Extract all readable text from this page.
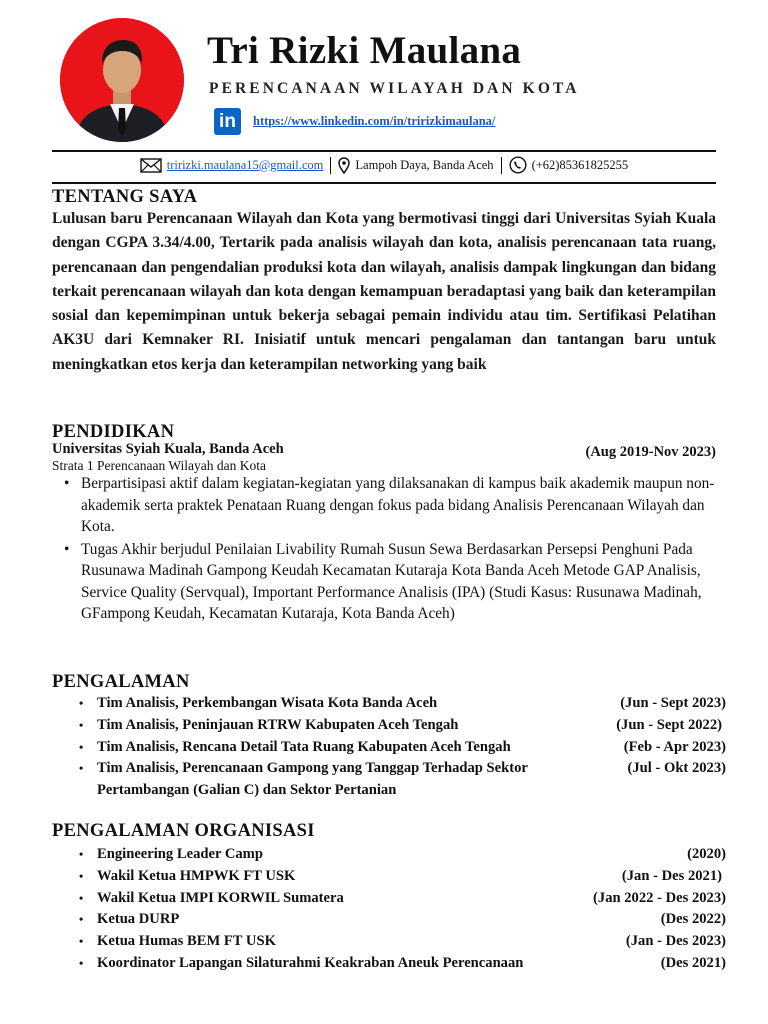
Tri Rizki Maulana
PERENCANAAN WILAYAH DAN KOTA
in	https://www.linkedin.com/in/tririzkimaulana/
tririzki.maulana15@gmail.com	Lampoh Daya, Banda Aceh	(+62)85361825255
TENTANG SAYA
Lulusan baru Perencanaan Wilayah dan Kota yang bermotivasi tinggi dari Universitas Syiah Kuala dengan CGPA 3.34/4.00, Tertarik pada analisis wilayah dan kota, analisis perencanaan tata ruang, perencanaan dan pengendalian produksi kota dan wilayah, analisis dampak lingkungan dan bidang terkait perencanaan wilayah dan kota dengan kemampuan beradaptasi yang baik dan keterampilan sosial dan kepemimpinan untuk bekerja sebagai pemain individu atau tim. Sertifikasi Pelatihan AK3U dari Kemnaker RI. Inisiatif untuk mencari pengalaman dan tantangan baru untuk meningkatkan etos kerja dan keterampilan networking yang baik
PENDIDIKAN
Universitas Syiah Kuala, Banda Aceh	(Aug 2019-Nov 2023)
Strata 1 Perencanaan Wilayah dan Kota
• Berpartisipasi aktif dalam kegiatan-kegiatan yang dilaksanakan di kampus baik akademik maupun non-akademik serta praktek Penataan Ruang dengan fokus pada bidang Analisis Perencanaan Wilayah dan Kota.
• Tugas Akhir berjudul Penilaian Livability Rumah Susun Sewa Berdasarkan Persepsi Penghuni Pada Rusunawa Madinah Gampong Keudah Kecamatan Kutaraja Kota Banda Aceh Metode GAP Analisis, Service Quality (Servqual), Important Performance Analisis (IPA) (Studi Kasus: Rusunawa Madinah, GFampong Keudah, Kecamatan Kutaraja, Kota Banda Aceh)
PENGALAMAN
• Tim Analisis, Perkembangan Wisata Kota Banda Aceh	(Jun - Sept 2023)
• Tim Analisis, Peninjauan RTRW Kabupaten Aceh Tengah	(Jun - Sept 2022)
• Tim Analisis, Rencana Detail Tata Ruang Kabupaten Aceh Tengah	(Feb - Apr 2023)
• Tim Analisis, Perencanaan Gampong yang Tanggap Terhadap Sektor Pertambangan (Galian C) dan Sektor Pertanian
(Jul - Okt 2023)
PENGALAMAN ORGANISASI
• Engineering Leader Camp	(2020)
• Wakil Ketua HMPWK FT USK	(Jan - Des 2021)
• Wakil Ketua IMPI KORWIL Sumatera	(Jan 2022 - Des 2023)
• Ketua DURP	(Des 2022)
• Ketua Humas BEM FT USK	(Jan - Des 2023)
• Koordinator Lapangan Silaturahmi Keakraban Aneuk Perencanaan	(Des 2021)
